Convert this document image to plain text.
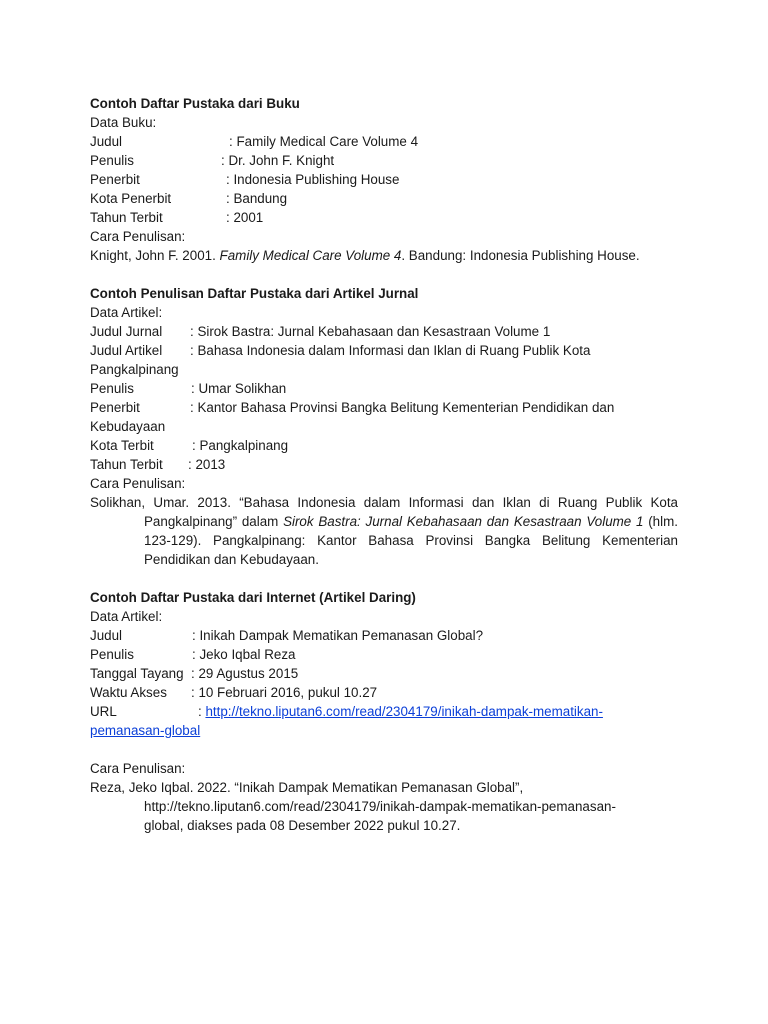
Contoh Daftar Pustaka dari Buku
Data Buku:
Judul	: Family Medical Care Volume 4
Penulis	: Dr. John F. Knight
Penerbit	: Indonesia Publishing House
Kota Penerbit	: Bandung
Tahun Terbit	: 2001
Cara Penulisan:
Knight, John F. 2001. Family Medical Care Volume 4. Bandung: Indonesia Publishing House.
Contoh Penulisan Daftar Pustaka dari Artikel Jurnal
Data Artikel:
Judul Jurnal : Sirok Bastra: Jurnal Kebahasaan dan Kesastraan Volume 1
Judul Artikel : Bahasa Indonesia dalam Informasi dan Iklan di Ruang Publik Kota
Pangkalpinang
Penulis	: Umar Solikhan
Penerbit	: Kantor Bahasa Provinsi Bangka Belitung Kementerian Pendidikan dan
Kebudayaan
Kota Terbit	: Pangkalpinang
Tahun Terbit : 2013
Cara Penulisan:
Solikhan, Umar. 2013. “Bahasa Indonesia dalam Informasi dan Iklan di Ruang Publik Kota Pangkalpinang” dalam Sirok Bastra: Jurnal Kebahasaan dan Kesastraan Volume 1 (hlm. 123-129). Pangkalpinang: Kantor Bahasa Provinsi Bangka Belitung Kementerian Pendidikan dan Kebudayaan.
Contoh Daftar Pustaka dari Internet (Artikel Daring)
Data Artikel:
Judul	: Inikah Dampak Mematikan Pemanasan Global?
Penulis	: Jeko Iqbal Reza
Tanggal Tayang : 29 Agustus 2015
Waktu Akses : 10 Februari 2016, pukul 10.27
URL	: http://tekno.liputan6.com/read/2304179/inikah-dampak-mematikan-
pemanasan-global
Cara Penulisan:
Reza, Jeko Iqbal. 2022. “Inikah Dampak Mematikan Pemanasan Global”,
http://tekno.liputan6.com/read/2304179/inikah-dampak-mematikan-pemanasan-
global, diakses pada 08 Desember 2022 pukul 10.27.
